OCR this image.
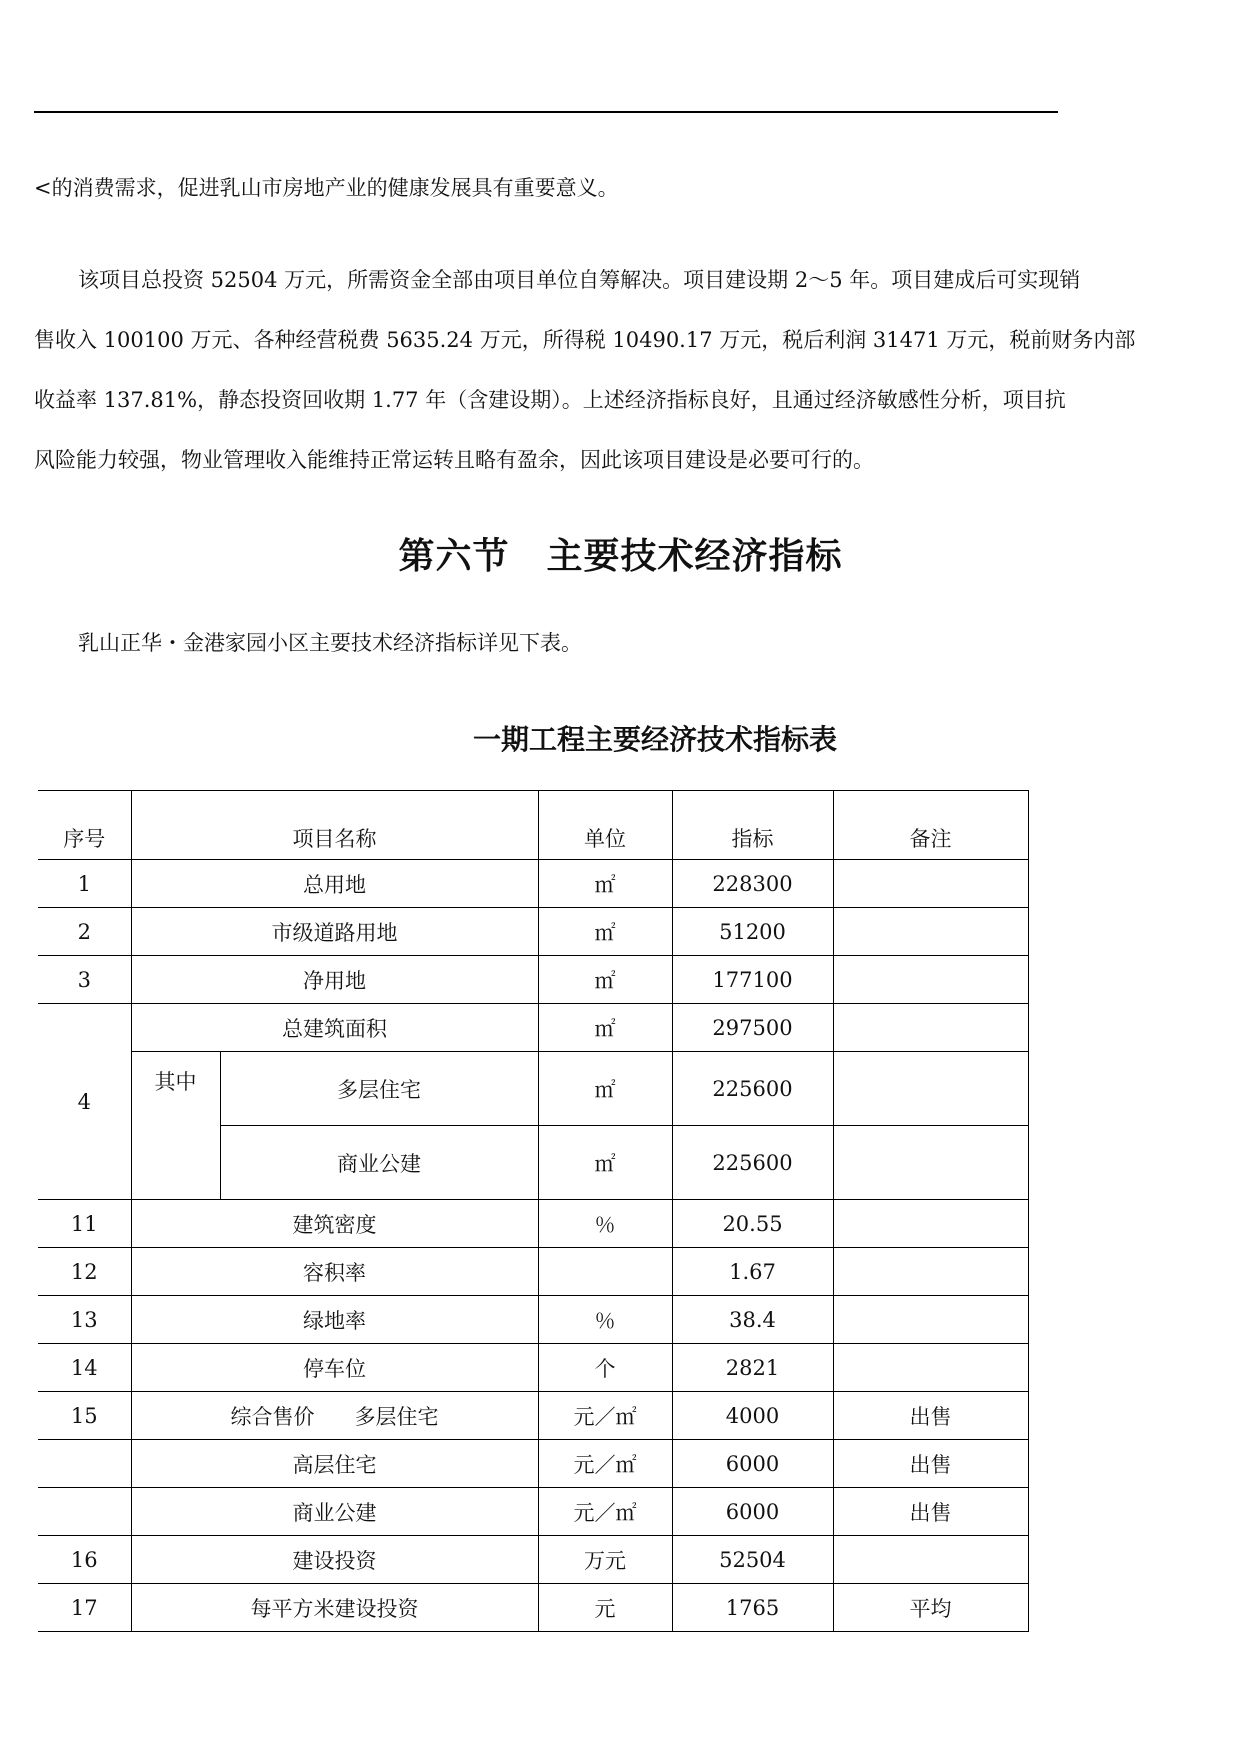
<的消费需求，促进乳山市房地产业的健康发展具有重要意义。
该项目总投资 52504 万元，所需资金全部由项目单位自筹解决。项目建设期 2～5 年。项目建成后可实现销
售收入 100100 万元、各种经营税费 5635.24 万元，所得税 10490.17 万元，税后利润 31471 万元，税前财务内部
收益率 137.81%，静态投资回收期 1.77 年（含建设期）。上述经济指标良好，且通过经济敏感性分析，项目抗
风险能力较强，物业管理收入能维持正常运转且略有盈余，因此该项目建设是必要可行的。
第六节　主要技术经济指标
乳山正华・金港家园小区主要技术经济指标详见下表。
一期工程主要经济技术指标表
序号	项目名称		单位	指标	备注
1	总用地		㎡	228300	
2	市级道路用地		㎡	51200	
3	净用地		㎡	177100	
4	总建筑面积		㎡	297500	

	其中	多层住宅	㎡	225600	
		商业公建	㎡	225600	
11	建筑密度		％	20.55	
12	容积率			1.67	
13	绿地率		％	38.4	
14	停车位		个	2821	
15	综合售价 多层住宅		元／㎡	4000	出售
	高层住宅		元／㎡	6000	出售
	商业公建		元／㎡	6000	出售
16	建设投资		万元	52504	
17	每平方米建设投资		元	1765	平均
